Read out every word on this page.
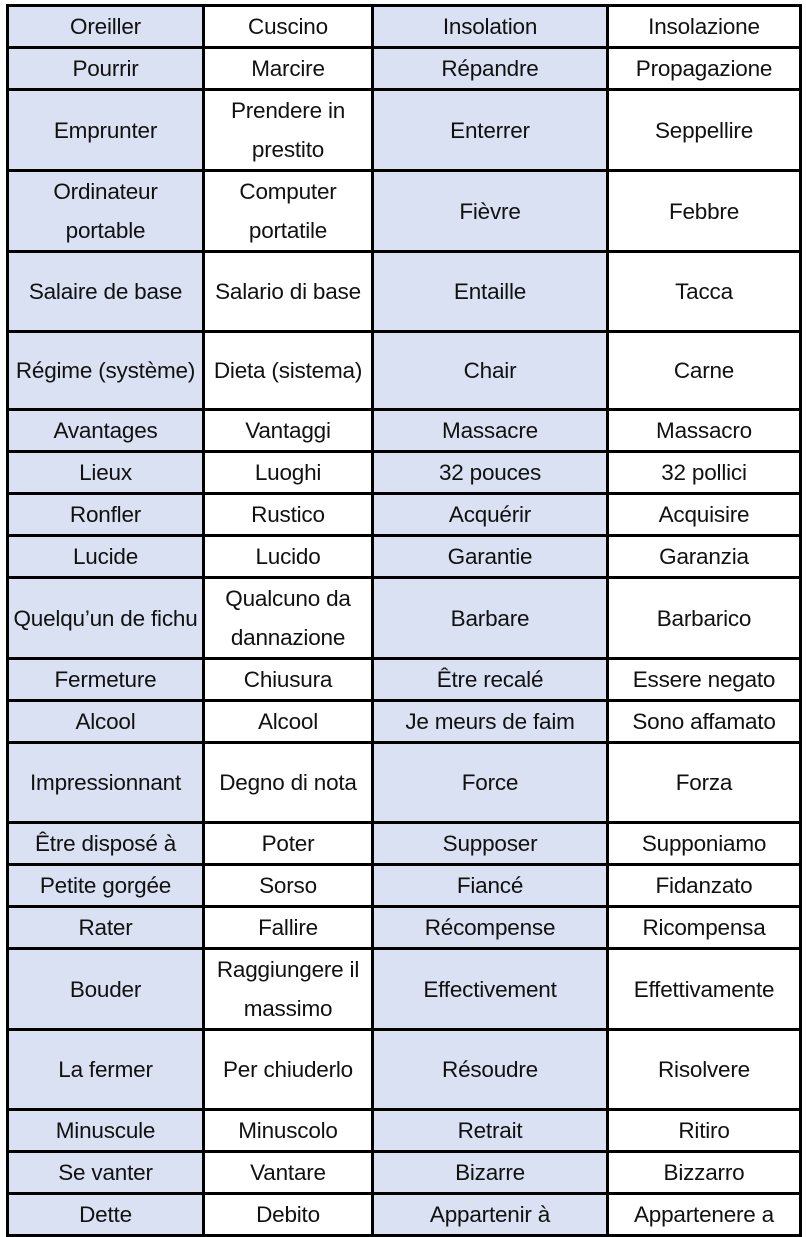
Oreiller	Cuscino	Insolation	Insolazione
Pourrir	Marcire	Répandre	Propagazione
Emprunter	Prendere in prestito	Enterrer	Seppellire
Ordinateur portable	Computer portatile	Fièvre	Febbre
Salaire de base	Salario di base	Entaille	Tacca
Régime (système)	Dieta (sistema)	Chair	Carne
Avantages	Vantaggi	Massacre	Massacro
Lieux	Luoghi	32 pouces	32 pollici
Ronfler	Rustico	Acquérir	Acquisire
Lucide	Lucido	Garantie	Garanzia
Quelqu’un de fichu	Qualcuno da dannazione	Barbare	Barbarico
Fermeture	Chiusura	Être recalé	Essere negato
Alcool	Alcool	Je meurs de faim	Sono affamato
Impressionnant	Degno di nota	Force	Forza
Être disposé à	Poter	Supposer	Supponiamo
Petite gorgée	Sorso	Fiancé	Fidanzato
Rater	Fallire	Récompense	Ricompensa
Bouder	Raggiungere il massimo	Effectivement	Effettivamente
La fermer	Per chiuderlo	Résoudre	Risolvere
Minuscule	Minuscolo	Retrait	Ritiro
Se vanter	Vantare	Bizarre	Bizzarro
Dette	Debito	Appartenir à	Appartenere a
